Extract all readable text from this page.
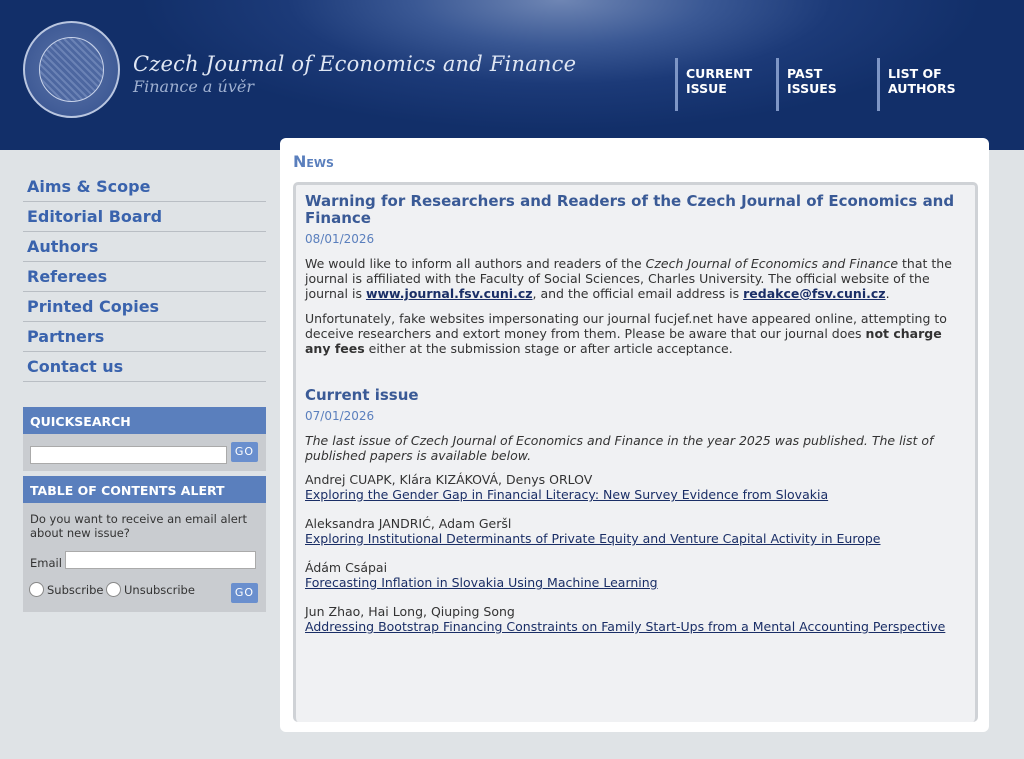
Czech Journal of Economics and Finance
Finance a úvěr
CURRENT
ISSUE
PAST
ISSUES
LIST OF
AUTHORS
Aims & Scope
Editorial Board
Authors
Referees
Printed Copies
Partners
Contact us
QUICKSEARCH
GO
TABLE OF CONTENTS ALERT
Do you want to receive an email alert about new issue?
Email
Subscribe Unsubscribe	GO
News
Warning for Researchers and Readers of the Czech Journal of Economics and Finance
08/01/2026
We would like to inform all authors and readers of the Czech Journal of Economics and Finance that the journal is affiliated with the Faculty of Social Sciences, Charles University. The official website of the journal is www.journal.fsv.cuni.cz, and the official email address is redakce@fsv.cuni.cz.
Unfortunately, fake websites impersonating our journal fucjef.net have appeared online, attempting to deceive researchers and extort money from them. Please be aware that our journal does not charge any fees either at the submission stage or after article acceptance.
Current issue
07/01/2026
The last issue of Czech Journal of Economics and Finance in the year 2025 was published. The list of published papers is available below.
Andrej CUAPK, Klára KIZÁKOVÁ, Denys ORLOV
Exploring the Gender Gap in Financial Literacy: New Survey Evidence from Slovakia
Aleksandra JANDRIĆ, Adam Geršl
Exploring Institutional Determinants of Private Equity and Venture Capital Activity in Europe
Ádám Csápai
Forecasting Inflation in Slovakia Using Machine Learning
Jun Zhao, Hai Long, Qiuping Song
Addressing Bootstrap Financing Constraints on Family Start-Ups from a Mental Accounting Perspective
